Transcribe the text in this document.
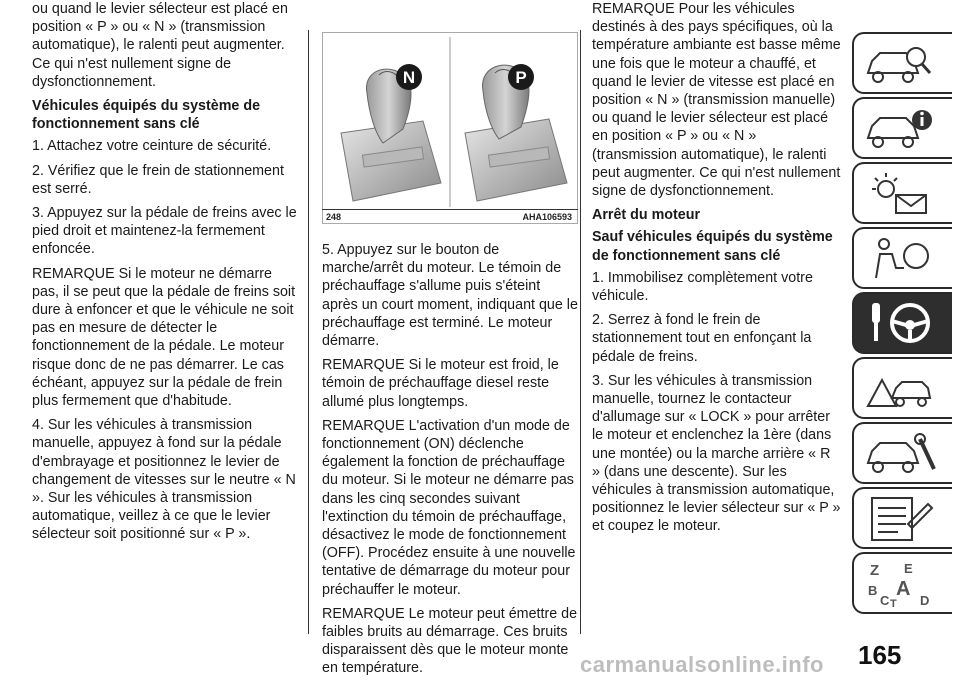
ou quand le levier sélecteur est placé en position « P » ou « N » (transmission automatique), le ralenti peut augmenter. Ce qui n'est nullement signe de dysfonctionnement.

Véhicules équipés du système de fonctionnement sans clé

1. Attachez votre ceinture de sécurité.

2. Vérifiez que le frein de stationnement est serré.

3. Appuyez sur la pédale de freins avec le pied droit et maintenez-la fermement enfoncée.

REMARQUE Si le moteur ne démarre pas, il se peut que la pédale de freins soit dure à enfoncer et que le véhicule ne soit pas en mesure de détecter le fonctionnement de la pédale. Le moteur risque donc de ne pas démarrer. Le cas échéant, appuyez sur la pédale de frein plus fermement que d'habitude.

4. Sur les véhicules à transmission manuelle, appuyez à fond sur la pédale d'embrayage et positionnez le levier de changement de vitesses sur le neutre « N ». Sur les véhicules à transmission automatique, veillez à ce que le levier sélecteur soit positionné sur « P ».

N	P
248	AHA106593

5. Appuyez sur le bouton de marche/arrêt du moteur. Le témoin de préchauffage s'allume puis s'éteint après un court moment, indiquant que le préchauffage est terminé. Le moteur démarre.

REMARQUE Si le moteur est froid, le témoin de préchauffage diesel reste allumé plus longtemps.

REMARQUE L'activation d'un mode de fonctionnement (ON) déclenche également la fonction de préchauffage du moteur. Si le moteur ne démarre pas dans les cinq secondes suivant l'extinction du témoin de préchauffage, désactivez le mode de fonctionnement (OFF). Procédez ensuite à une nouvelle tentative de démarrage du moteur pour préchauffer le moteur.

REMARQUE Le moteur peut émettre de faibles bruits au démarrage. Ces bruits disparaissent dès que le moteur monte en température.

REMARQUE Pour les véhicules destinés à des pays spécifiques, où la température ambiante est basse même une fois que le moteur a chauffé, et quand le levier de vitesse est placé en position « N » (transmission manuelle) ou quand le levier sélecteur est placé en position « P » ou « N » (transmission automatique), le ralenti peut augmenter. Ce qui n'est nullement signe de dysfonctionnement.

Arrêt du moteur

Sauf véhicules équipés du système de fonctionnement sans clé

1. Immobilisez complètement votre véhicule.

2. Serrez à fond le frein de stationnement tout en enfonçant la pédale de freins.

3. Sur les véhicules à transmission manuelle, tournez le contacteur d'allumage sur « LOCK » pour arrêter le moteur et enclenchez la 1ère (dans une montée) ou la marche arrière « R » (dans une descente). Sur les véhicules à transmission automatique, positionnez le levier sélecteur sur « P » et coupez le moteur.

Z E
B A
C T D
165
carmanualsonline.info
